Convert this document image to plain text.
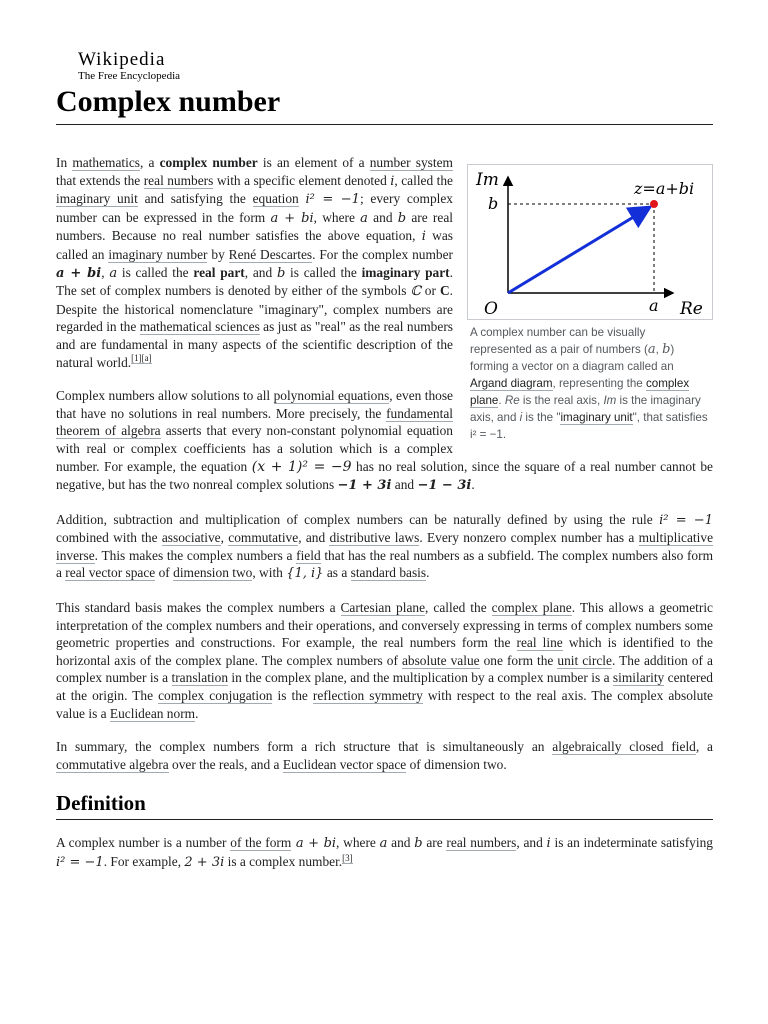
Wikipedia
The Free Encyclopedia
Complex number
Im
b
z=a+bi
O	a Re
A complex number can be visually represented as a pair of numbers (a, b) forming a vector on a diagram called an Argand diagram, representing the complex plane. Re is the real axis, Im is the imaginary axis, and i is the "imaginary unit", that satisfies i² = −1.

In mathematics, a complex number is an element of a number system that extends the real numbers with a specific element denoted i, called the imaginary unit and satisfying the equation i² = −1; every complex number can be expressed in the form a + bi, where a and b are real numbers. Because no real number satisfies the above equation, i was called an imaginary number by René Descartes. For the complex number a + bi, a is called the real part, and b is called the imaginary part. The set of complex numbers is denoted by either of the symbols ℂ or C. Despite the historical nomenclature "imaginary", complex numbers are regarded in the mathematical sciences as just as "real" as the real numbers and are fundamental in many aspects of the scientific description of the natural world.[1][a]

Complex numbers allow solutions to all polynomial equations, even those that have no solutions in real numbers. More precisely, the fundamental theorem of algebra asserts that every non-constant polynomial equation with real or complex coefficients has a solution which is a complex number. For example, the equation (x + 1)² = −9 has no real solution, since the square of a real number cannot be negative, but has the two nonreal complex solutions −1 + 3i and −1 − 3i.

Addition, subtraction and multiplication of complex numbers can be naturally defined by using the rule i² = −1 combined with the associative, commutative, and distributive laws. Every nonzero complex number has a multiplicative inverse. This makes the complex numbers a field that has the real numbers as a subfield. The complex numbers also form a real vector space of dimension two, with {1, i} as a standard basis.

This standard basis makes the complex numbers a Cartesian plane, called the complex plane. This allows a geometric interpretation of the complex numbers and their operations, and conversely expressing in terms of complex numbers some geometric properties and constructions. For example, the real numbers form the real line which is identified to the horizontal axis of the complex plane. The complex numbers of absolute value one form the unit circle. The addition of a complex number is a translation in the complex plane, and the multiplication by a complex number is a similarity centered at the origin. The complex conjugation is the reflection symmetry with respect to the real axis. The complex absolute value is a Euclidean norm.

In summary, the complex numbers form a rich structure that is simultaneously an algebraically closed field, a commutative algebra over the reals, and a Euclidean vector space of dimension two.

Definition

A complex number is a number of the form a + bi, where a and b are real numbers, and i is an indeterminate satisfying i² = −1. For example, 2 + 3i is a complex number.[3]
